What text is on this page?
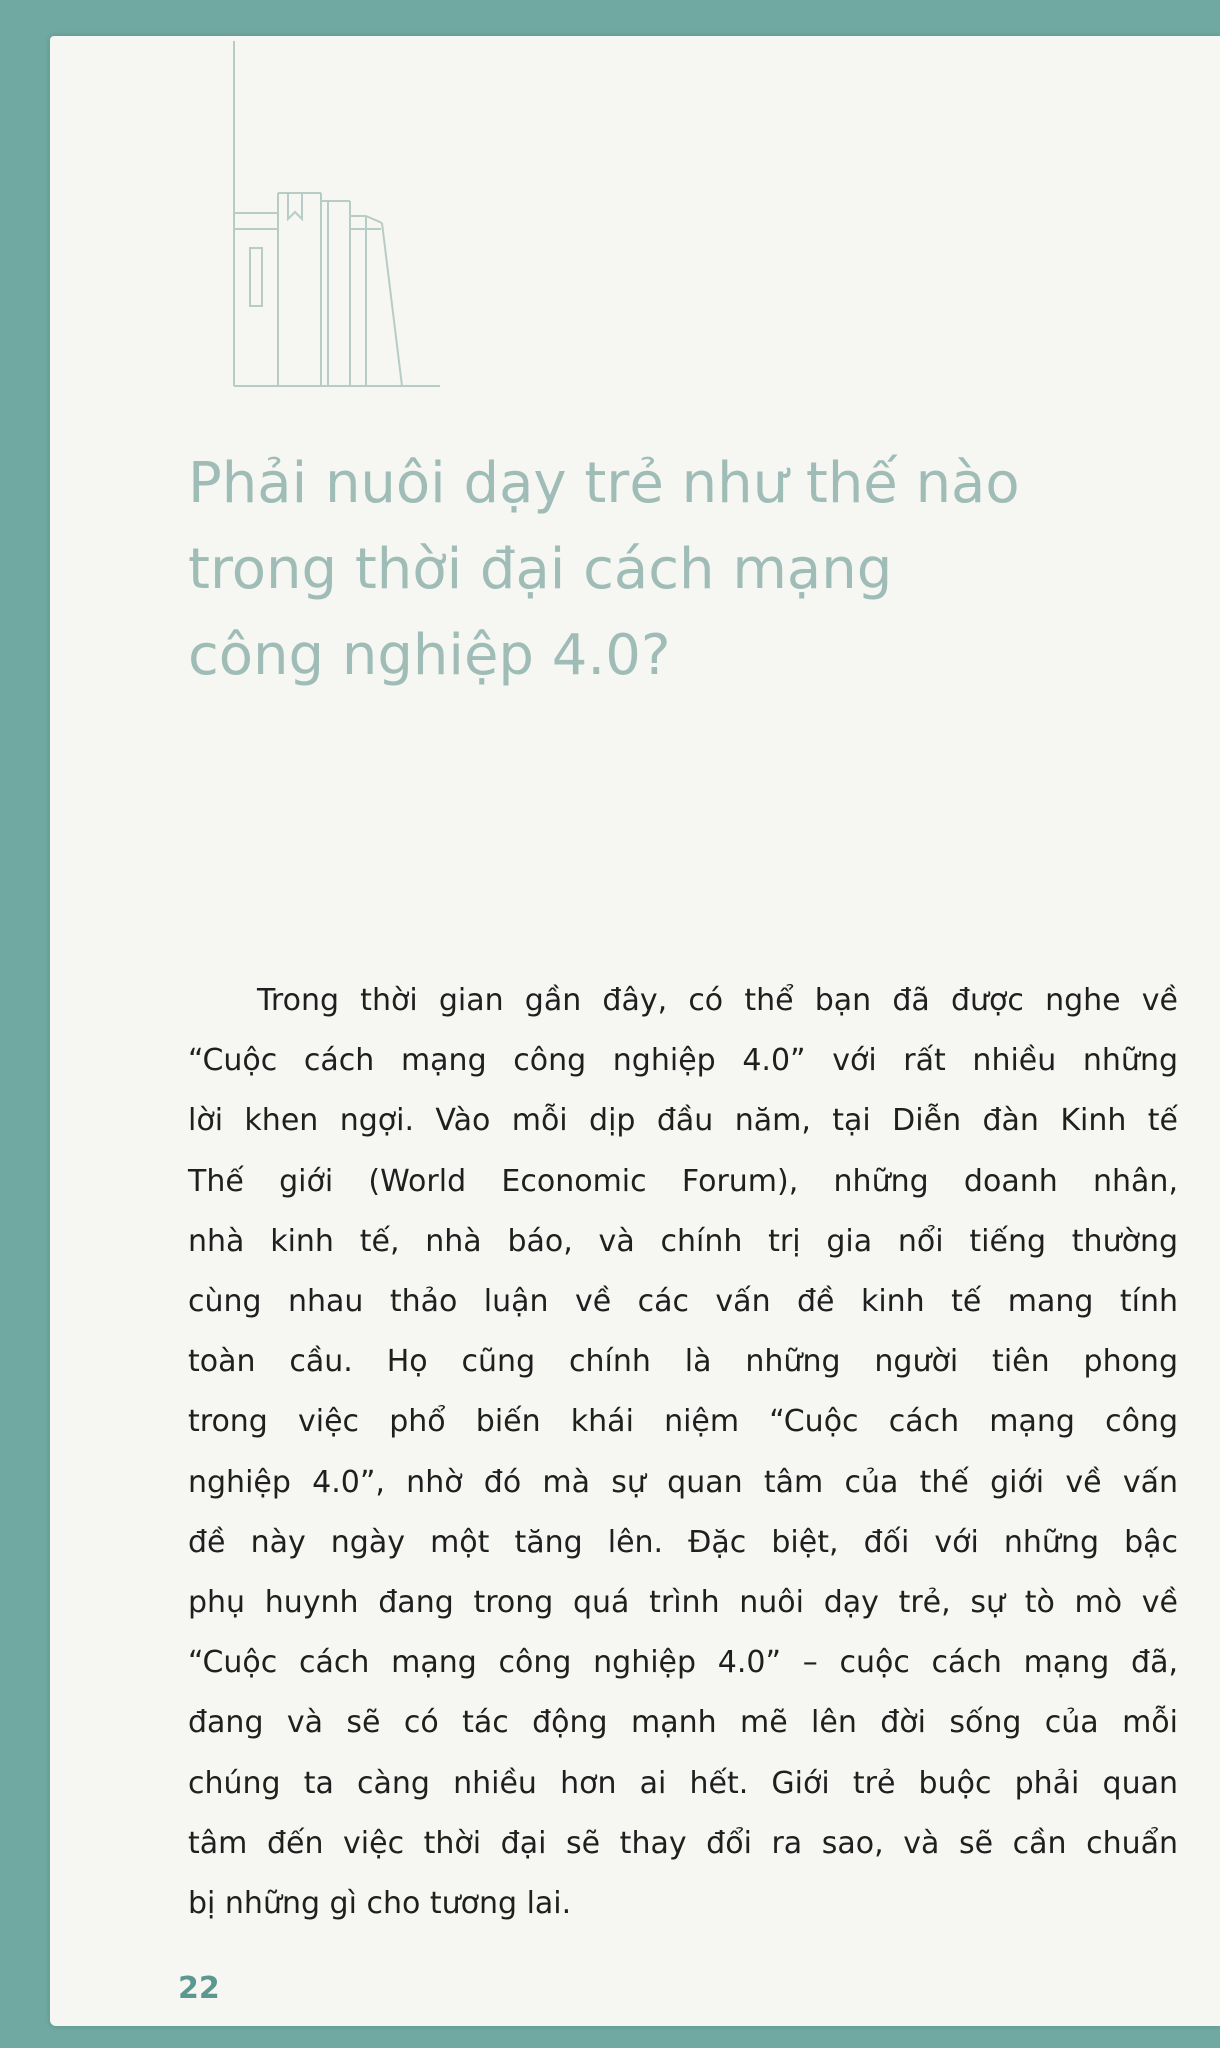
Phải nuôi dạy trẻ như thế nào
trong thời đại cách mạng
công nghiệp 4.0?
Trong thời gian gần đây, có thể bạn đã được nghe về
“Cuộc cách mạng công nghiệp 4.0” với rất nhiều những
lời khen ngợi. Vào mỗi dịp đầu năm, tại Diễn đàn Kinh tế
Thế giới (World Economic Forum), những doanh nhân,
nhà kinh tế, nhà báo, và chính trị gia nổi tiếng thường
cùng nhau thảo luận về các vấn đề kinh tế mang tính
toàn cầu. Họ cũng chính là những người tiên phong
trong việc phổ biến khái niệm “Cuộc cách mạng công
nghiệp 4.0”, nhờ đó mà sự quan tâm của thế giới về vấn
đề này ngày một tăng lên. Đặc biệt, đối với những bậc
phụ huynh đang trong quá trình nuôi dạy trẻ, sự tò mò về
“Cuộc cách mạng công nghiệp 4.0” – cuộc cách mạng đã,
đang và sẽ có tác động mạnh mẽ lên đời sống của mỗi
chúng ta càng nhiều hơn ai hết. Giới trẻ buộc phải quan
tâm đến việc thời đại sẽ thay đổi ra sao, và sẽ cần chuẩn
bị những gì cho tương lai.
22
